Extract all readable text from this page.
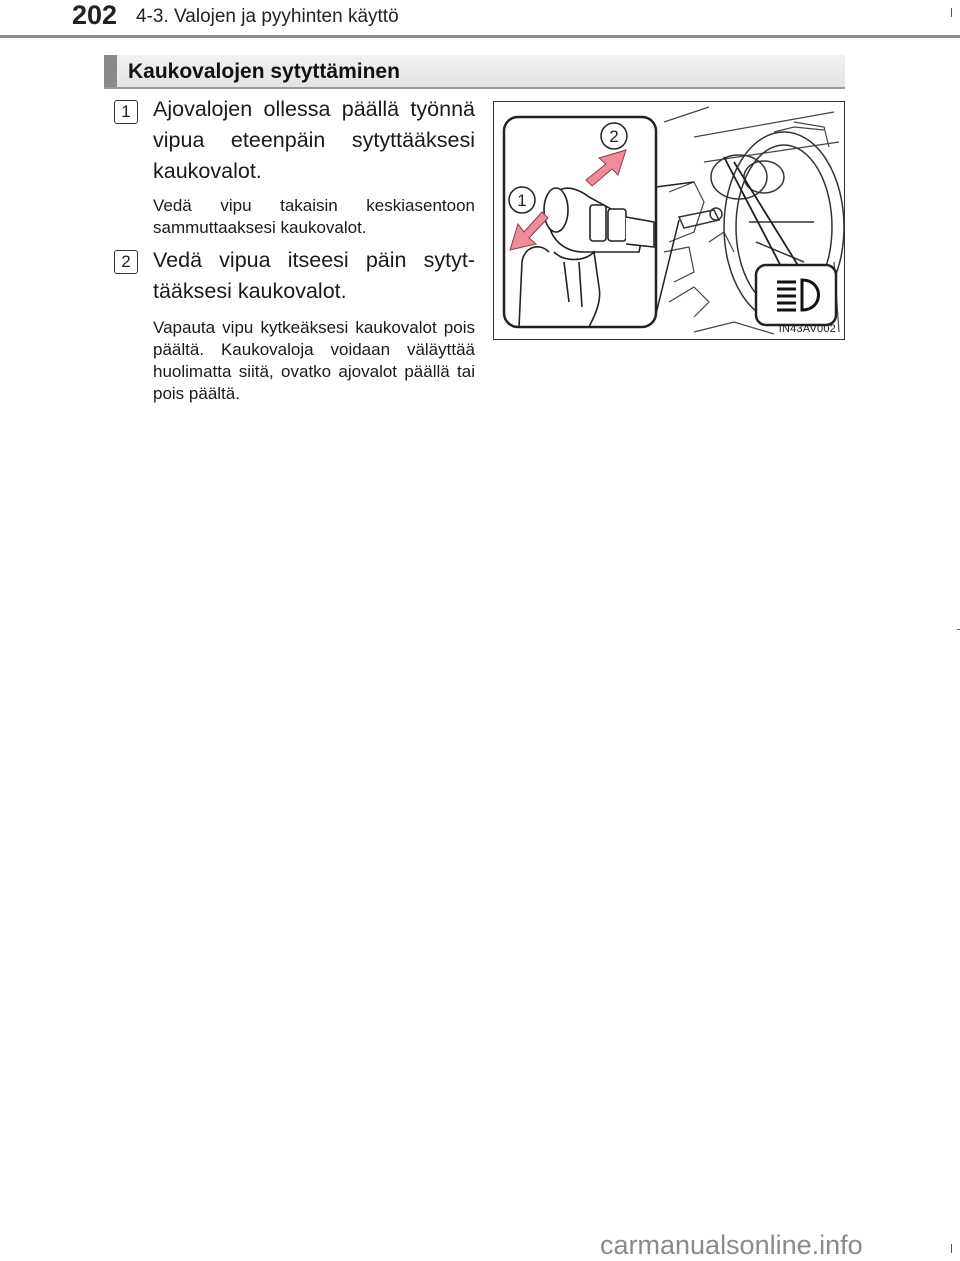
202 4-3. Valojen ja pyyhinten käyttö
Kaukovalojen sytyttäminen
1	Ajovalojen ollessa päällä työnnä vipua eteenpäin sytyttääksesi kaukovalot.
Vedä vipu takaisin keskiasentoon sammuttaaksesi kaukovalot.
2	Vedä vipua itseesi päin sytyt-tääksesi kaukovalot.
Vapauta vipu kytkeäksesi kaukovalot pois päältä. Kaukovaloja voidaan väläyttää huolimatta siitä, ovatko ajovalot päällä tai pois päältä.
2
1
IN43AV002
carmanualsonline.info
